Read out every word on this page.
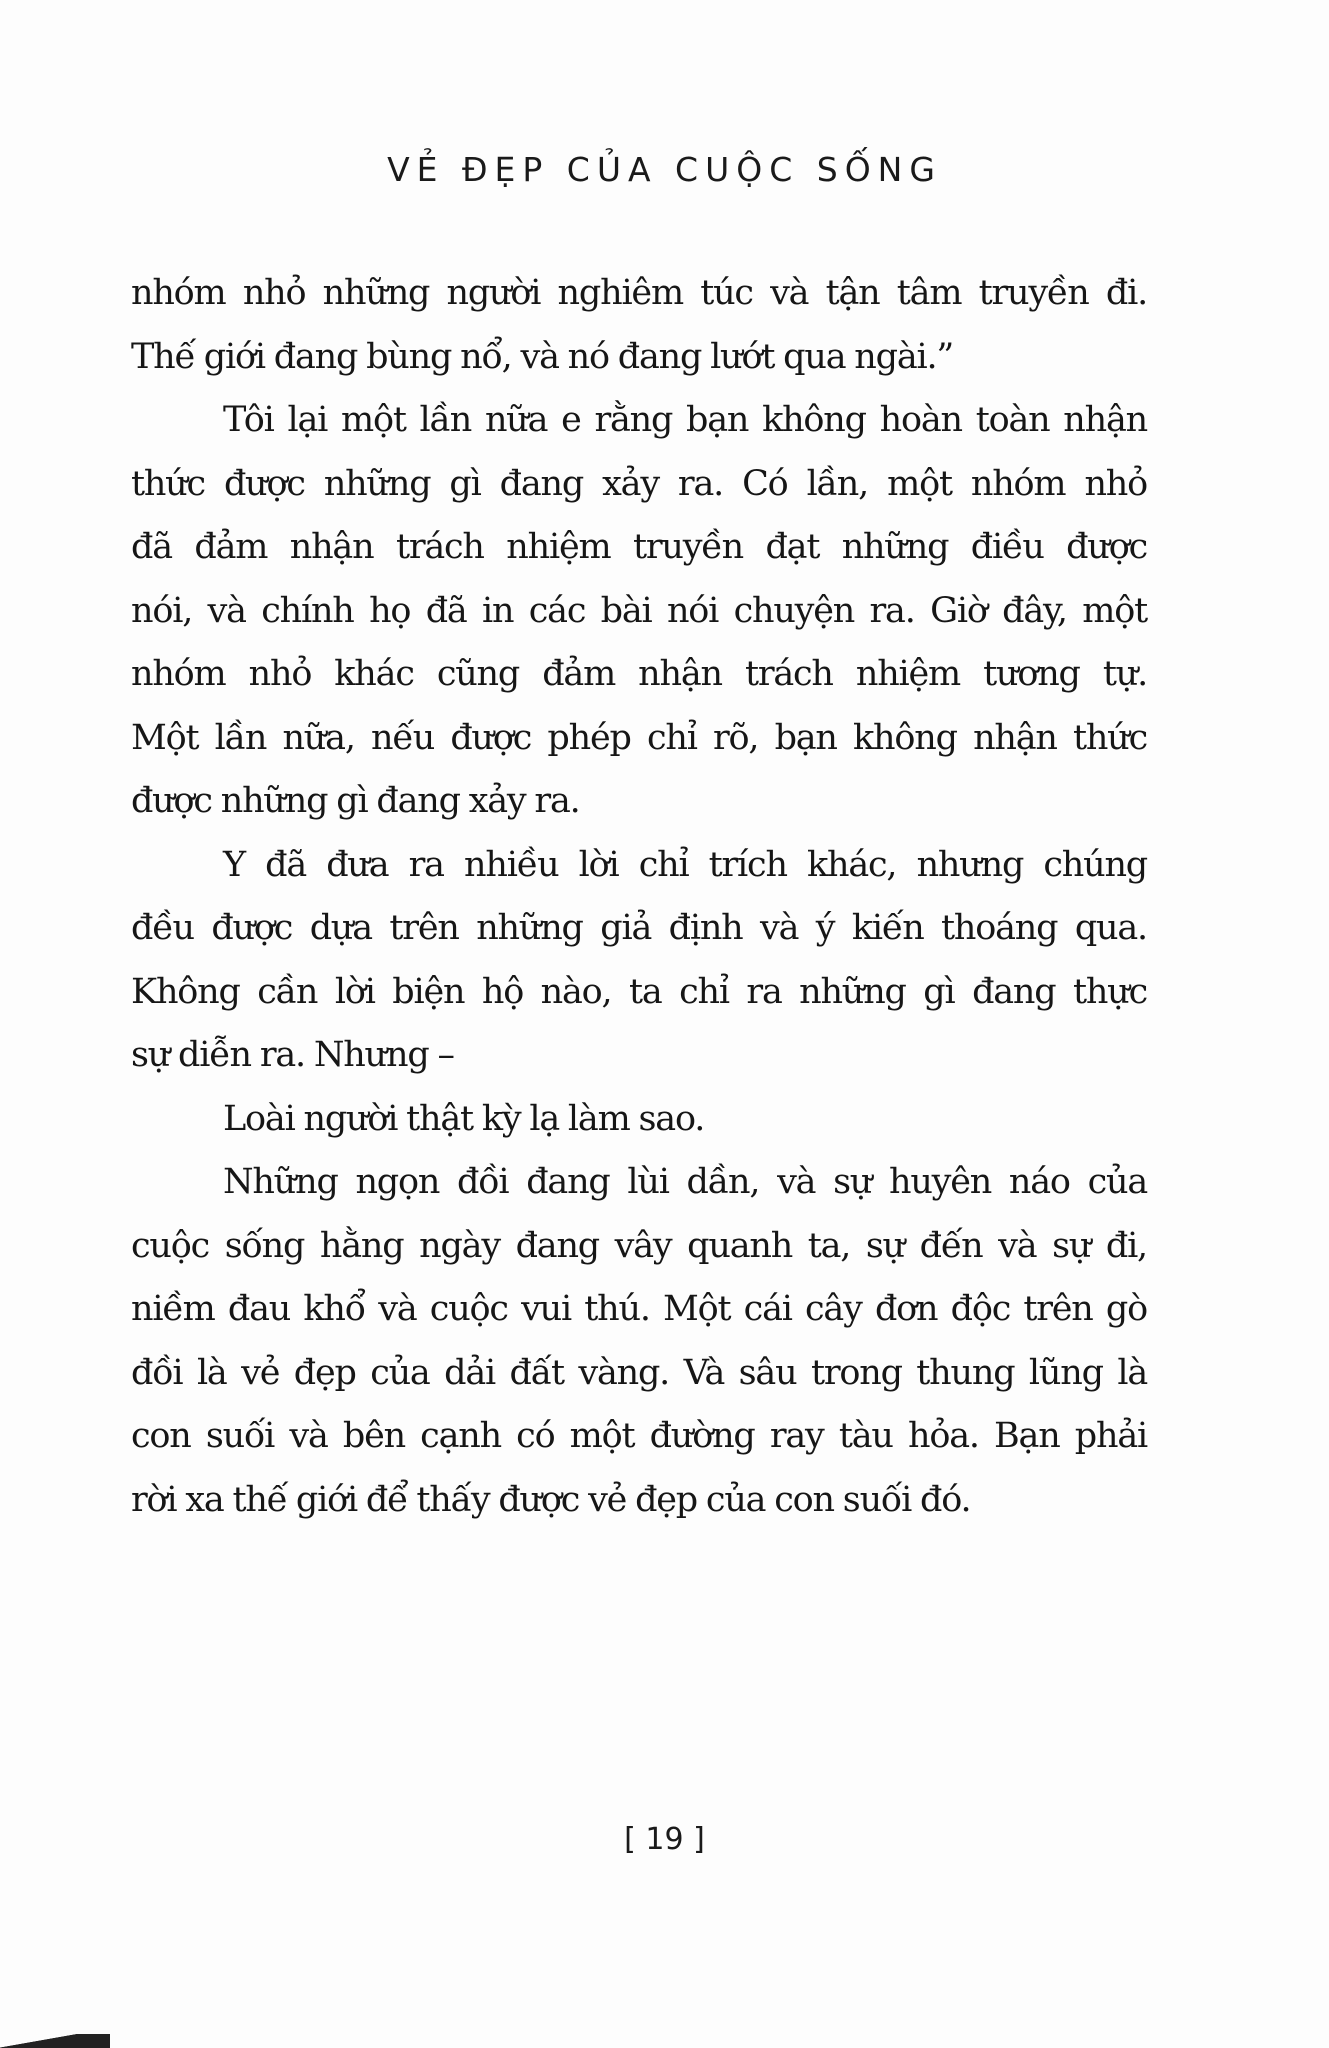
VẺ ĐẸP CỦA CUỘC SỐNG

nhóm nhỏ những người nghiêm túc và tận tâm truyền đi.
Thế giới đang bùng nổ, và nó đang lướt qua ngài.”

Tôi lại một lần nữa e rằng bạn không hoàn toàn nhận
thức được những gì đang xảy ra. Có lần, một nhóm nhỏ
đã đảm nhận trách nhiệm truyền đạt những điều được
nói, và chính họ đã in các bài nói chuyện ra. Giờ đây, một
nhóm nhỏ khác cũng đảm nhận trách nhiệm tương tự.
Một lần nữa, nếu được phép chỉ rõ, bạn không nhận thức
được những gì đang xảy ra.

Y đã đưa ra nhiều lời chỉ trích khác, nhưng chúng
đều được dựa trên những giả định và ý kiến thoáng qua.
Không cần lời biện hộ nào, ta chỉ ra những gì đang thực
sự diễn ra. Nhưng –

Loài người thật kỳ lạ làm sao.

Những ngọn đồi đang lùi dần, và sự huyên náo của
cuộc sống hằng ngày đang vây quanh ta, sự đến và sự đi,
niềm đau khổ và cuộc vui thú. Một cái cây đơn độc trên gò
đồi là vẻ đẹp của dải đất vàng. Và sâu trong thung lũng là
con suối và bên cạnh có một đường ray tàu hỏa. Bạn phải
rời xa thế giới để thấy được vẻ đẹp của con suối đó.

[ 19 ]
